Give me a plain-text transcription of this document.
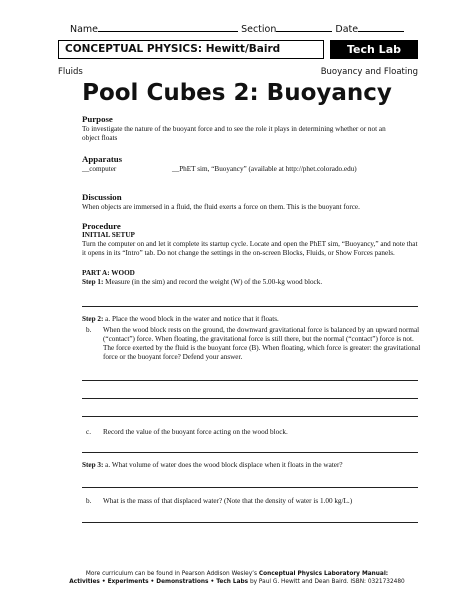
Name	Section	Date
CONCEPTUAL PHYSICS: Hewitt/Baird	Tech Lab
Fluids	Buoyancy and Floating
Pool Cubes 2: Buoyancy
Purpose
To investigate the nature of the buoyant force and to see the role it plays in determining whether or not an object floats
Apparatus
__computer	__PhET sim, “Buoyancy” (available at http://phet.colorado.edu)
Discussion
When objects are immersed in a fluid, the fluid exerts a force on them. This is the buoyant force.
Procedure
INITIAL SETUP
Turn the computer on and let it complete its startup cycle. Locate and open the PhET sim, “Buoyancy,” and note that it opens in its “Intro” tab. Do not change the settings in the on-screen Blocks, Fluids, or Show Forces panels.
PART A: WOOD
Step 1: Measure (in the sim) and record the weight (W) of the 5.00-kg wood block.
Step 2: a. Place the wood block in the water and notice that it floats.
b. When the wood block rests on the ground, the downward gravitational force is balanced by an upward normal (“contact”) force. When floating, the gravitational force is still there, but the normal (“contact”) force is not. The force exerted by the fluid is the buoyant force (B). When floating, which force is greater: the gravitational force or the buoyant force? Defend your answer.
c. Record the value of the buoyant force acting on the wood block.
Step 3: a. What volume of water does the wood block displace when it floats in the water?
b. What is the mass of that displaced water? (Note that the density of water is 1.00 kg/L.)
More curriculum can be found in Pearson Addison Wesley’s Conceptual Physics Laboratory Manual:
Activities • Experiments • Demonstrations • Tech Labs by Paul G. Hewitt and Dean Baird. ISBN: 0321732480
